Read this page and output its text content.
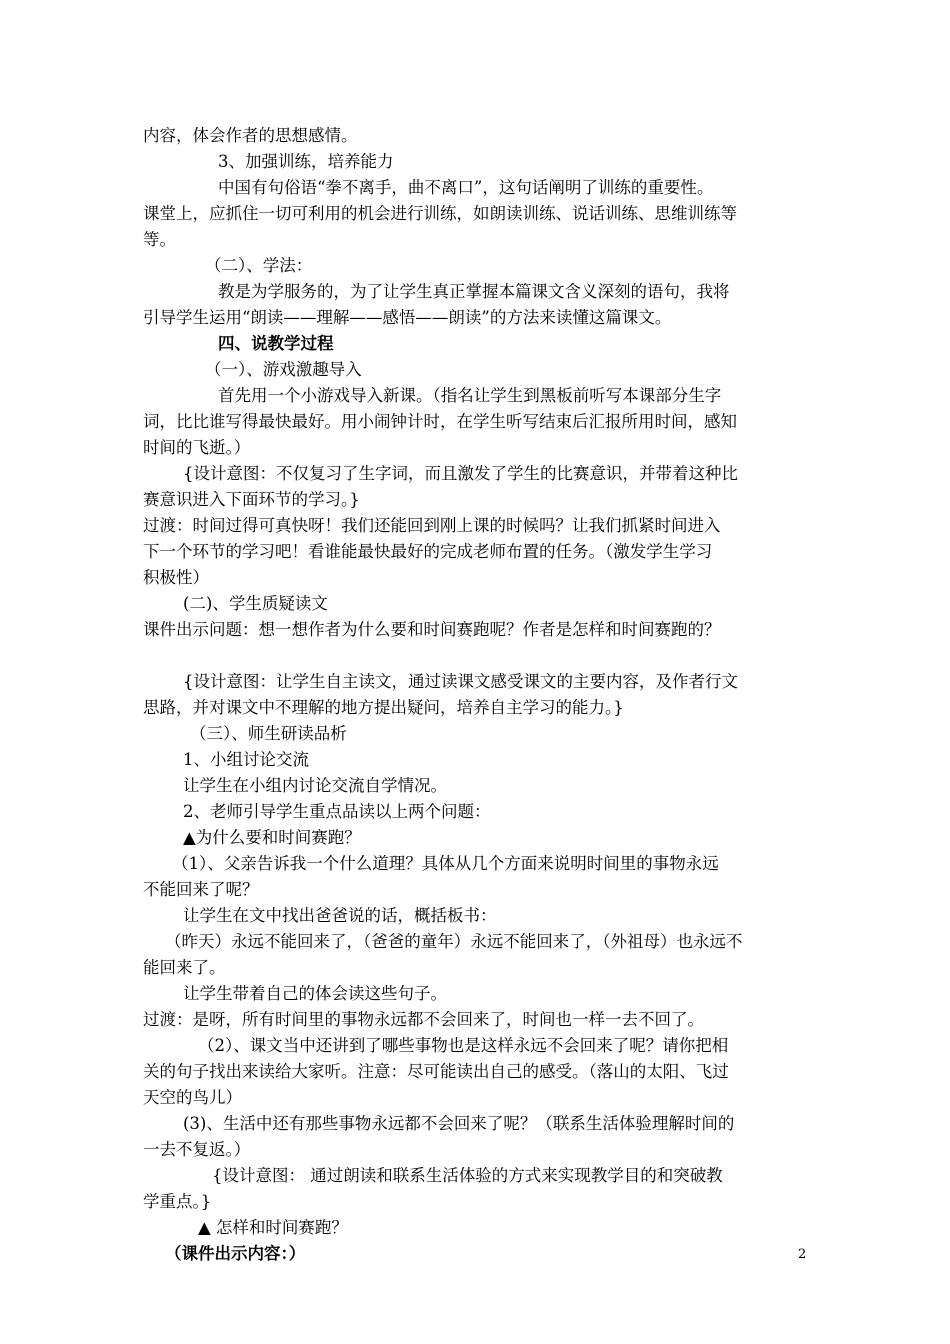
内容，体会作者的思想感情。
3、加强训练，培养能力
中国有句俗语“拳不离手，曲不离口”，这句话阐明了训练的重要性。
课堂上，应抓住一切可利用的机会进行训练，如朗读训练、说话训练、思维训练等
等。
（二）、学法：
教是为学服务的，为了让学生真正掌握本篇课文含义深刻的语句，我将
引导学生运用“朗读——理解——感悟——朗读”的方法来读懂这篇课文。
四、说教学过程
（一）、游戏激趣导入
首先用一个小游戏导入新课。（指名让学生到黑板前听写本课部分生字
词，比比谁写得最快最好。用小闹钟计时，在学生听写结束后汇报所用时间，感知
时间的飞逝。）
{设计意图：不仅复习了生字词，而且激发了学生的比赛意识，并带着这种比
赛意识进入下面环节的学习。}
过渡：时间过得可真快呀！我们还能回到刚上课的时候吗？让我们抓紧时间进入
下一个环节的学习吧！看谁能最快最好的完成老师布置的任务。（激发学生学习
积极性）
(二)、学生质疑读文
课件出示问题：想一想作者为什么要和时间赛跑呢？作者是怎样和时间赛跑的？
{设计意图：让学生自主读文，通过读课文感受课文的主要内容，及作者行文
思路，并对课文中不理解的地方提出疑问，培养自主学习的能力。}
（三）、师生研读品析
1、小组讨论交流
让学生在小组内讨论交流自学情况。
2、老师引导学生重点品读以上两个问题：
▲为什么要和时间赛跑？
（1）、父亲告诉我一个什么道理？具体从几个方面来说明时间里的事物永远
不能回来了呢？
让学生在文中找出爸爸说的话，概括板书：
（昨天）永远不能回来了，（爸爸的童年）永远不能回来了，（外祖母）也永远不
能回来了。
让学生带着自己的体会读这些句子。
过渡：是呀，所有时间里的事物永远都不会回来了，时间也一样一去不回了。
（2）、课文当中还讲到了哪些事物也是这样永远不会回来了呢？请你把相
关的句子找出来读给大家听。注意：尽可能读出自己的感受。（落山的太阳、飞过
天空的鸟儿）
(3)、生活中还有那些事物永远都不会回来了呢？（联系生活体验理解时间的
一去不复返。）
{设计意图： 通过朗读和联系生活体验的方式来实现教学目的和突破教
学重点。}
▲ 怎样和时间赛跑？
（课件出示内容：）	2
